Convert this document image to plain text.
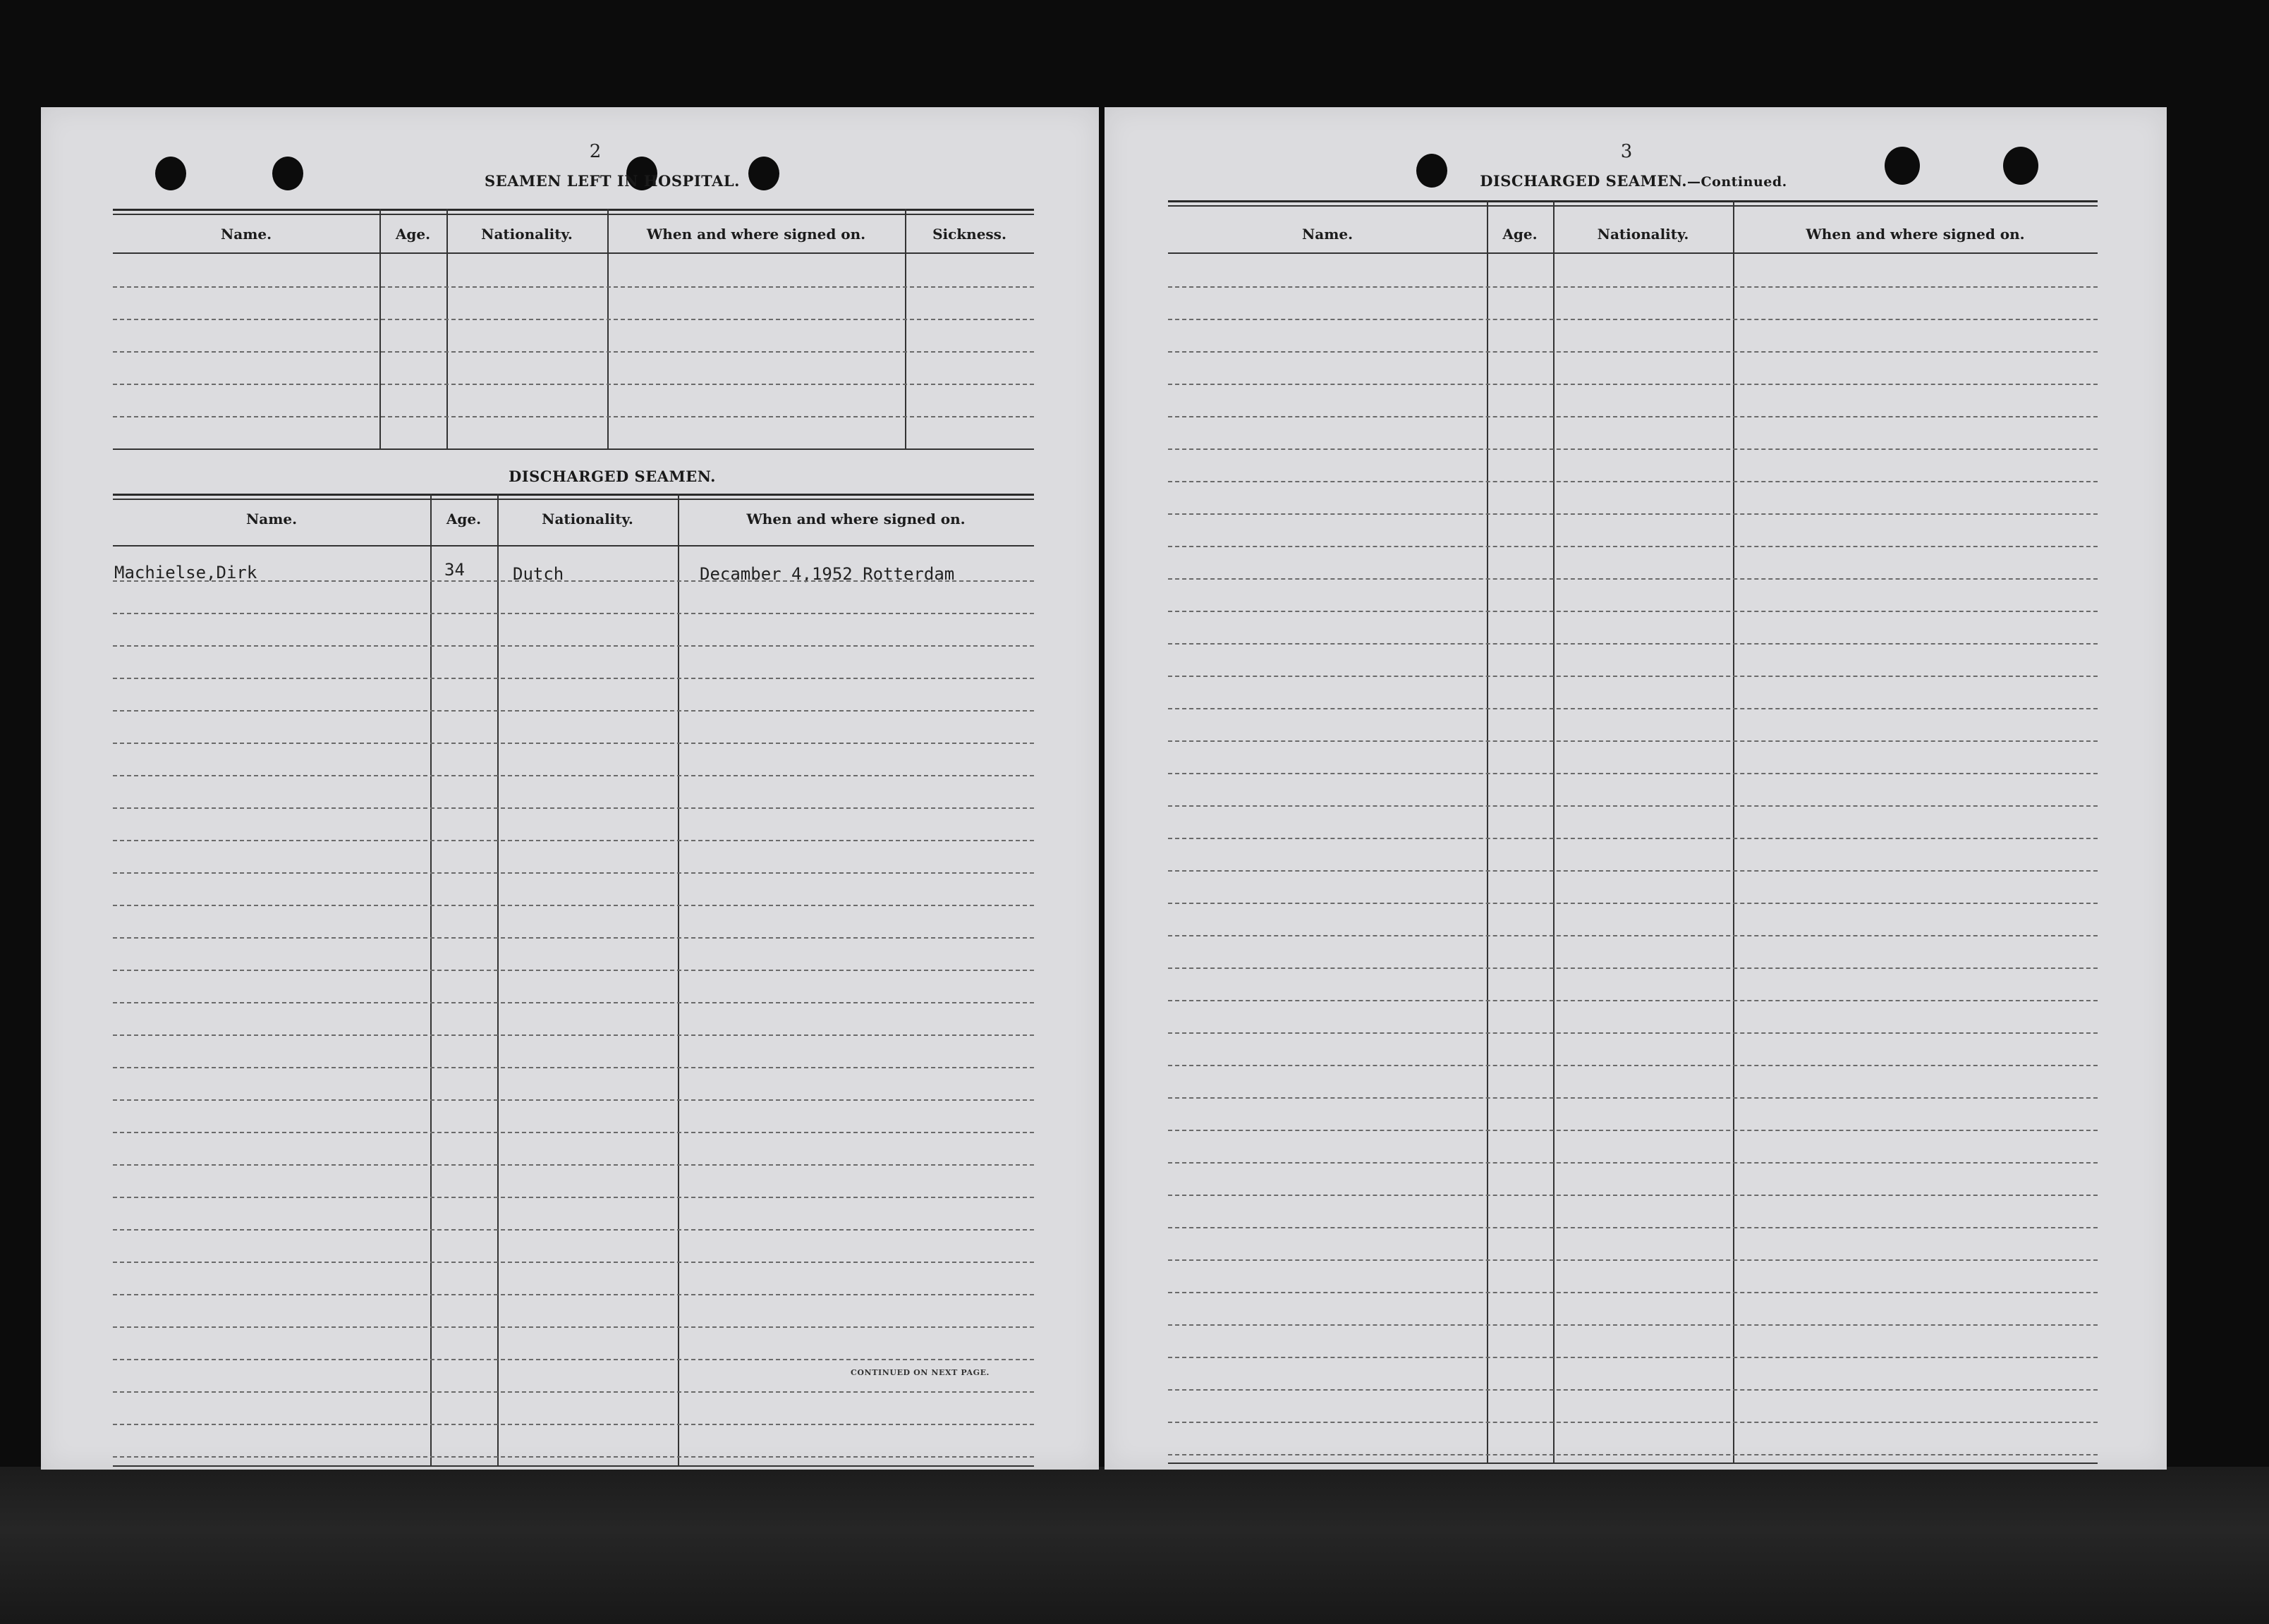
2
SEAMEN LEFT IN HOSPITAL.
Name.	Age.	Nationality.	When and where signed on.	Sickness.
DISCHARGED SEAMEN.
Name.	Age.	Nationality.	When and where signed on.
Machielse,Dirk	34	Dutch	Decamber 4,1952 Rotterdam
CONTINUED ON NEXT PAGE.
3
DISCHARGED SEAMEN.—Continued.
Name.	Age.	Nationality.	When and where signed on.
